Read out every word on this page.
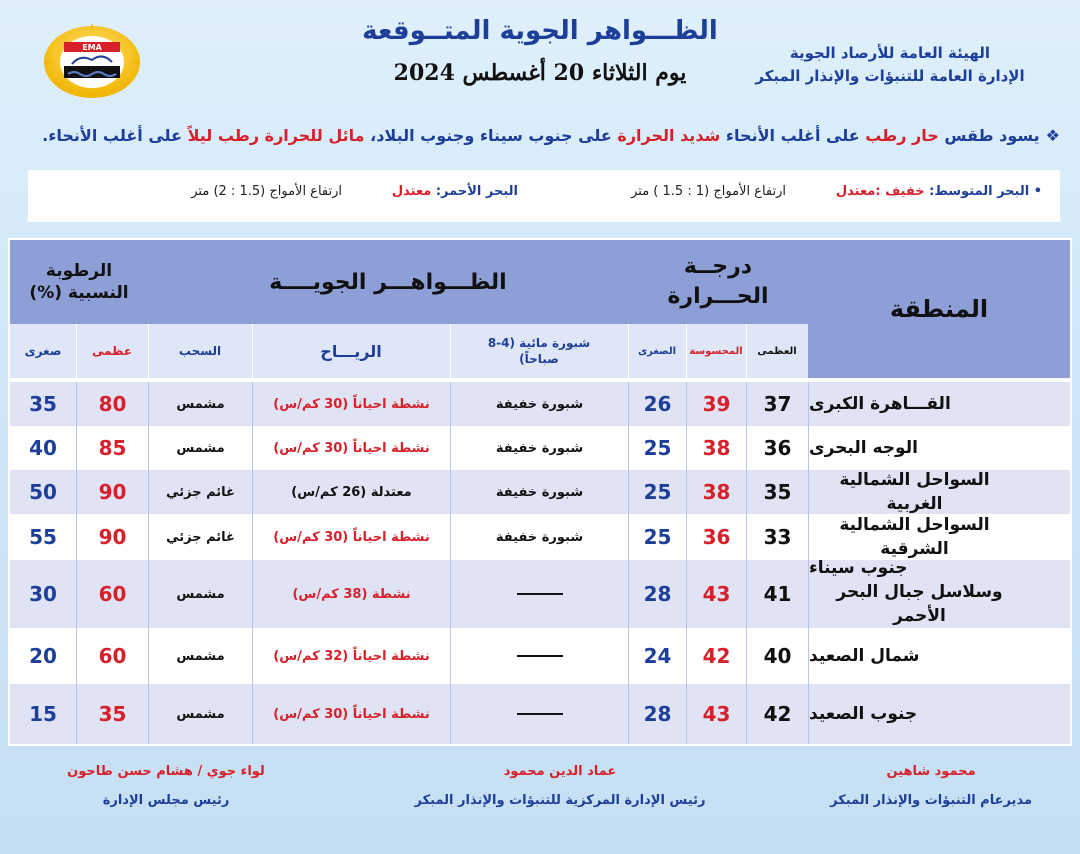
الهيئة العامة للأرصاد الجوية
الإدارة العامة للتنبؤات والإنذار المبكر
الظـــواهر الجوية المتــوقعة
يوم الثلاثاء 20 أغسطس 2024
EMA
❖يسود طقس حار رطب على أغلب الأنحاء شديد الحرارة على جنوب سيناء وجنوب البلاد، مائل للحرارة رطب ليلاً على أغلب الأنحاء.
• البحر المتوسط: خفيف :معتدل
ارتفاع الأمواج (1 : 1.5 ) متر
البحر الأحمر: معتدل
ارتفاع الأمواج (1.5 : 2) متر
المنطقة
درجــة الحـــرارة
الظـــواهـــر الجويــــة
الرطوبة النسبية (%)
العظمى
المحسوسة
الصغرى
شبورة مائية (4-8 صباحاً)
الريـــاح
السحب
عظمى
صغرى
القـــاهرة الكبرى
37
39
26
شبورة خفيفة
نشطة احياناً (30 كم/س)
مشمس
80
35
الوجه البحرى
36
38
25
شبورة خفيفة
نشطة احياناً (30 كم/س)
مشمس
85
40
السواحل الشمالية الغربية
35
38
25
شبورة خفيفة
معتدلة (26 كم/س)
غائم جزئي
90
50
السواحل الشمالية الشرقية
33
36
25
شبورة خفيفة
نشطة احياناً (30 كم/س)
غائم جزئي
90
55
جنوب سيناء
وسلاسل جبال البحر الأحمر
41
43
28
نشطة (38 كم/س)
مشمس
60
30
شمال الصعيد
40
42
24
نشطة احياناً (32 كم/س)
مشمس
60
20
جنوب الصعيد
42
43
28
نشطة احياناً (30 كم/س)
مشمس
35
15
محمود شاهين
مديرعام التنبؤات والإنذار المبكر
عماد الدين محمود
رئيس الإدارة المركزية للتنبؤات والإنذار المبكر
لواء جوي / هشام حسن طاحون
رئيس مجلس الإدارة
